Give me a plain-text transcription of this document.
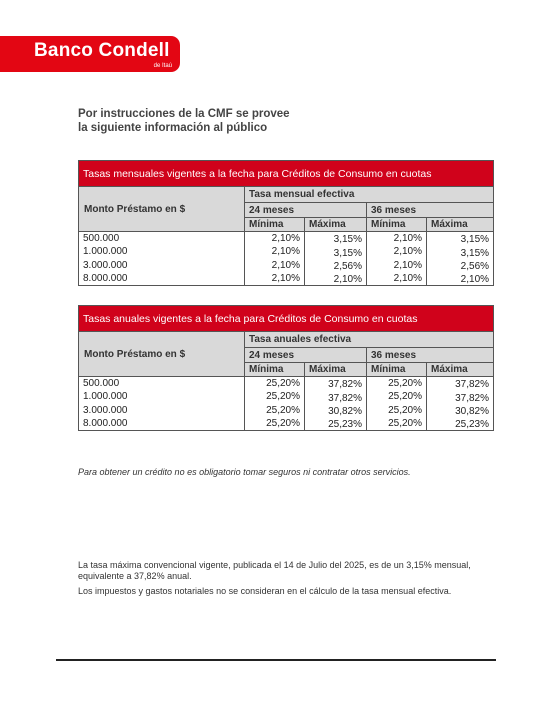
Banco Condell
de Itaú
Por instrucciones de la CMF se provee
la siguiente información al público
Tasas mensuales vigentes a la fecha para Créditos de Consumo en cuotas				
Monto Préstamo en $	Tasa mensual efectiva			
	24 meses		36 meses	
	Mínima	Máxima	Mínima	Máxima
500.000	2,10%	3,15%	2,10%	3,15%
1.000.000	2,10%	3,15%	2,10%	3,15%
3.000.000	2,10%	2,56%	2,10%	2,56%
8.000.000	2,10%	2,10%	2,10%	2,10%
Tasas anuales vigentes a la fecha para Créditos de Consumo en cuotas				
Monto Préstamo en $	Tasa anuales efectiva			
	24 meses		36 meses	
	Mínima	Máxima	Mínima	Máxima
500.000	25,20%	37,82%	25,20%	37,82%
1.000.000	25,20%	37,82%	25,20%	37,82%
3.000.000	25,20%	30,82%	25,20%	30,82%
8.000.000	25,20%	25,23%	25,20%	25,23%
Para obtener un crédito no es obligatorio tomar seguros ni contratar otros servicios.
La tasa máxima convencional vigente, publicada el 14 de Julio del 2025, es de un 3,15% mensual, equivalente a 37,82% anual.
Los impuestos y gastos notariales no se consideran en el cálculo de la tasa mensual efectiva.
